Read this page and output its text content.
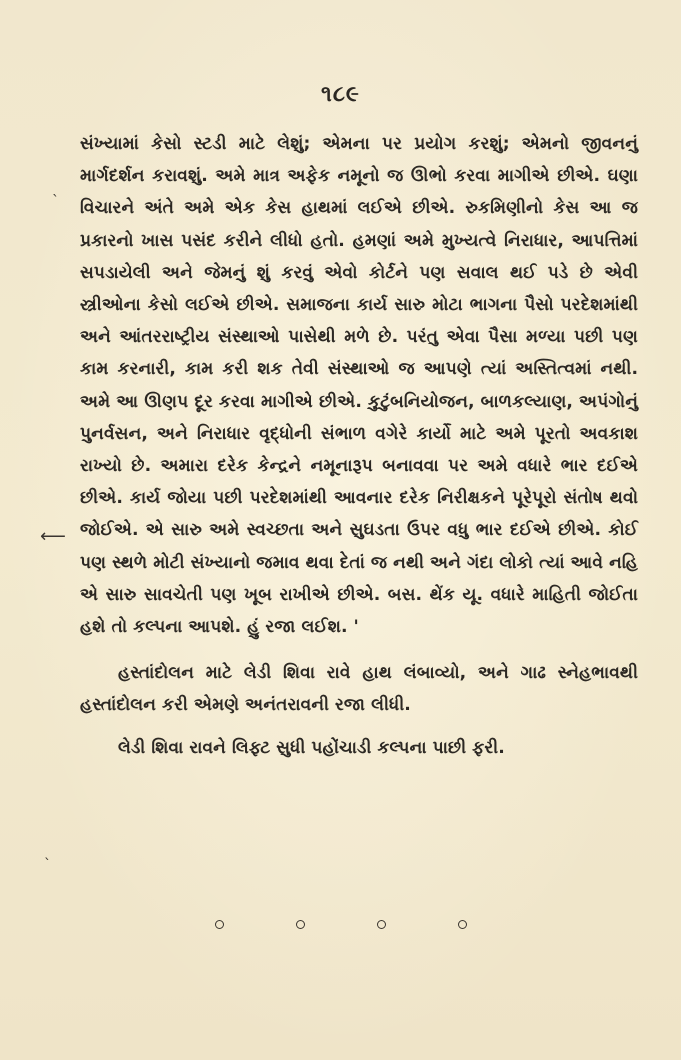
૧૮૯
ˎ
⟵
ˋ

સંખ્યામાં કેસો સ્ટડી માટે લેશું; એમના પર પ્રયોગ કરશું; એમનો જીવનનું માર્ગદર્શન કરાવશું. અમે માત્ર અફેક નમૂનો જ ઊભો કરવા માગીએ છીએ. ઘણા વિચારને અંતે અમે એક કેસ હાથમાં લઈએ છીએ. રુકમિણીનો કેસ આ જ પ્રકારનો ખાસ પસંદ કરીને લીધો હતો. હમણાં અમે મુખ્યત્વે નિરાધાર, આપત્તિમાં સપડાયેલી અને જેમનું શું કરવું એવો કોર્ટને પણ સવાલ થઈ પડે છે એવી સ્ત્રીઓના કેસો લઈએ છીએ. સમાજના કાર્ય સારુ મોટા ભાગના પૈસો પરદેશમાંથી અને આંતરરાષ્ટ્રીય સંસ્થાઓ પાસેથી મળે છે. પરંતુ એવા પૈસા મળ્યા પછી પણ કામ કરનારી, કામ કરી શક તેવી સંસ્થાઓ જ આપણે ત્યાં અસ્તિત્વમાં નથી. અમે આ ઊણપ દૂર કરવા માગીએ છીએ. કુટુંબનિયોજન, બાળકલ્યાણ, અપંગોનું પુનર્વસન, અને નિરાધાર વૃદ્ધોની સંભાળ વગેરે કાર્યો માટે અમે પૂરતો અવકાશ રાખ્યો છે. અમારા દરેક કેન્દ્રને નમૂનારૂપ બનાવવા પર અમે વધારે ભાર દઈએ છીએ. કાર્ય જોયા પછી પરદેશમાંથી આવનાર દરેક નિરીક્ષકને પૂરેપૂરો સંતોષ થવો જોઈએ. એ સારુ અમે સ્વચ્છતા અને સુઘડતા ઉપર વધુ ભાર દઈએ છીએ. કોઈ પણ સ્થળે મોટી સંખ્યાનો જમાવ થવા દેતાં જ નથી અને ગંદા લોકો ત્યાં આવે નહિ એ સારુ સાવચેતી પણ ખૂબ રાખીએ છીએ. બસ. થેંક યૂ. વધારે માહિતી જોઈતા હશે તો કલ્પના આપશે. હું રજા લઈશ. '

હસ્તાંદોલન માટે લેડી શિવા રાવે હાથ લંબાવ્યો, અને ગાઢ સ્નેહભાવથી હસ્તાંદોલન કરી એમણે અનંતરાવની રજા લીધી.

લેડી શિવા રાવને લિફ્ટ સુધી પહોંચાડી કલ્પના પાછી ફરી.
